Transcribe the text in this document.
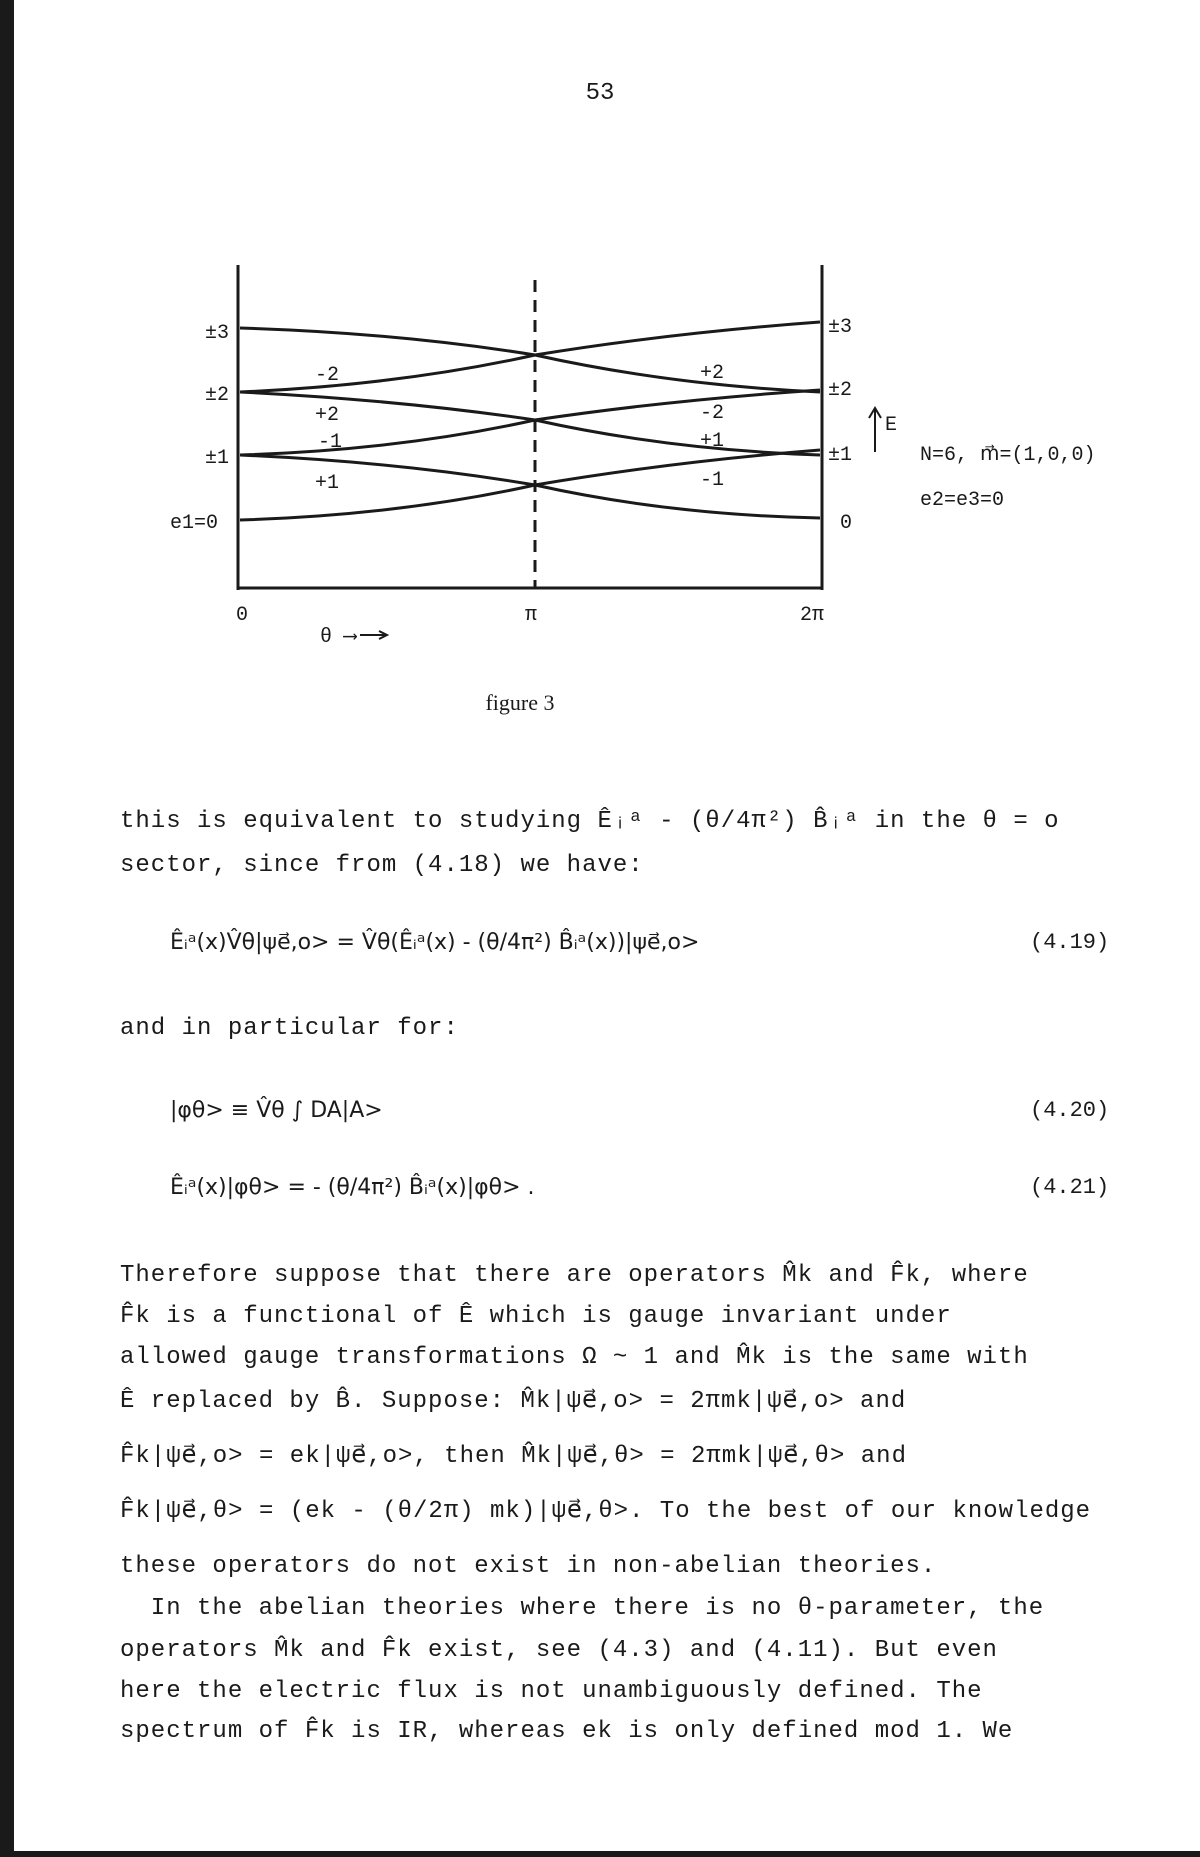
53
±3
±2
±1
e1=0
±3
±2
±1
0
0	π	2π
θ ⟶
E
-2
+2
-1
+1
+2
-2
+1
-1
N=6, m⃗=(1,0,0)
e2=e3=0
figure 3
this is equivalent to studying Êᵢᵃ - (θ/4π²) B̂ᵢᵃ in the θ = o
sector, since from (4.18) we have:
Êᵢᵃ(x)V̂θ|ψe⃗,o> = V̂θ(Êᵢᵃ(x) - (θ/4π²) B̂ᵢᵃ(x))|ψe⃗,o>	(4.19)
and in particular for:
|φθ> ≡ V̂θ ∫ DA|A>	(4.20)
Êᵢᵃ(x)|φθ> = - (θ/4π²) B̂ᵢᵃ(x)|φθ> .	(4.21)
Therefore suppose that there are operators M̂k and F̂k, where
F̂k is a functional of Ê which is gauge invariant under
allowed gauge transformations Ω ~ 1 and M̂k is the same with
Ê replaced by B̂. Suppose: M̂k|ψe⃗,o> = 2πmk|ψe⃗,o> and
F̂k|ψe⃗,o> = ek|ψe⃗,o>, then M̂k|ψe⃗,θ> = 2πmk|ψe⃗,θ> and
F̂k|ψe⃗,θ> = (ek - (θ/2π) mk)|ψe⃗,θ>. To the best of our knowledge
these operators do not exist in non-abelian theories.
In the abelian theories where there is no θ-parameter, the
operators M̂k and F̂k exist, see (4.3) and (4.11). But even
here the electric flux is not unambiguously defined. The
spectrum of F̂k is IR, whereas ek is only defined mod 1. We
